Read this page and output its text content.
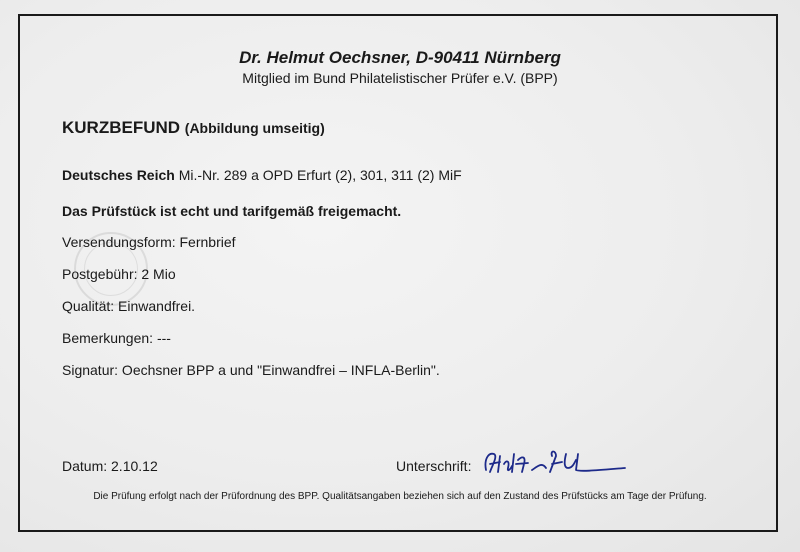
Dr. Helmut Oechsner, D-90411 Nürnberg
Mitglied im Bund Philatelistischer Prüfer e.V. (BPP)
KURZBEFUND (Abbildung umseitig)
Deutsches Reich Mi.-Nr. 289 a OPD Erfurt (2), 301, 311 (2) MiF
Das Prüfstück ist echt und tarifgemäß freigemacht.
Versendungsform: Fernbrief
Postgebühr: 2 Mio
Qualität: Einwandfrei.
Bemerkungen: ---
Signatur: Oechsner BPP a und "Einwandfrei – INFLA-Berlin".
Datum: 2.10.12	Unterschrift:
Die Prüfung erfolgt nach der Prüfordnung des BPP. Qualitätsangaben beziehen sich auf den Zustand des Prüfstücks am Tage der Prüfung.
